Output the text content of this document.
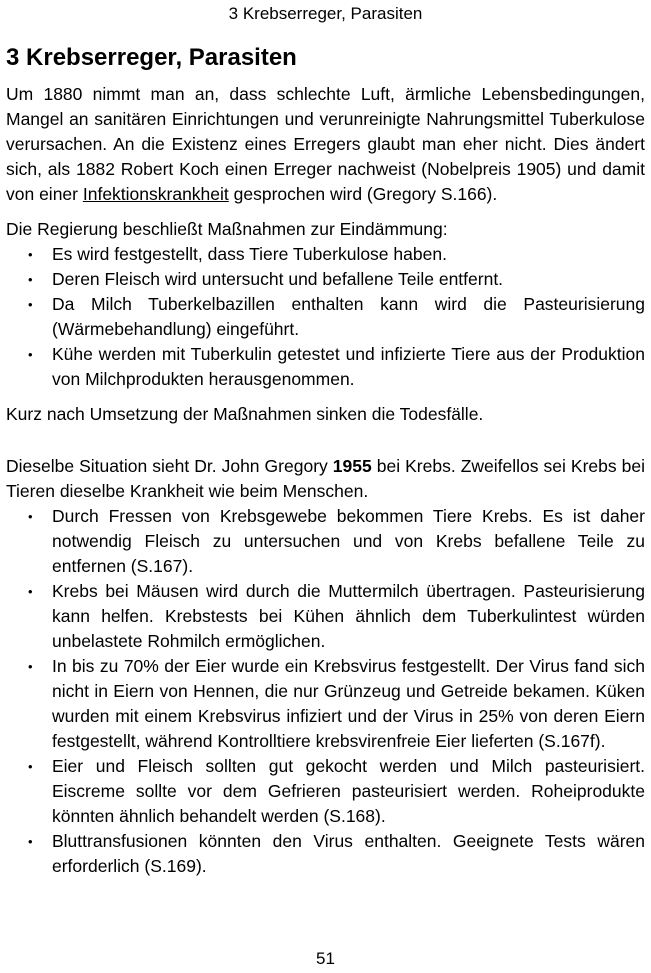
3 Krebserreger, Parasiten
3 Krebserreger, Parasiten

Um 1880 nimmt man an, dass schlechte Luft, ärmliche Lebensbedingungen, Mangel an sanitären Einrichtungen und verunreinigte Nahrungsmittel Tuberkulose verursachen. An die Existenz eines Erregers glaubt man eher nicht. Dies ändert sich, als 1882 Robert Koch einen Erreger nachweist (Nobelpreis 1905) und damit von einer Infektionskrankheit gesprochen wird (Gregory S.166).

Die Regierung beschließt Maßnahmen zur Eindämmung:

•	Es wird festgestellt, dass Tiere Tuberkulose haben.
•	Deren Fleisch wird untersucht und befallene Teile entfernt.
•	Da Milch Tuberkelbazillen enthalten kann wird die Pasteurisierung (Wärmebehandlung) eingeführt.
•	Kühe werden mit Tuberkulin getestet und infizierte Tiere aus der Produktion von Milchprodukten herausgenommen.

Kurz nach Umsetzung der Maßnahmen sinken die Todesfälle.

Dieselbe Situation sieht Dr. John Gregory 1955 bei Krebs. Zweifellos sei Krebs bei Tieren dieselbe Krankheit wie beim Menschen.

•	Durch Fressen von Krebsgewebe bekommen Tiere Krebs. Es ist daher notwendig Fleisch zu untersuchen und von Krebs befallene Teile zu entfernen (S.167).
•	Krebs bei Mäusen wird durch die Muttermilch übertragen. Pasteurisierung kann helfen. Krebstests bei Kühen ähnlich dem Tuberkulintest würden unbelastete Rohmilch ermöglichen.
•	In bis zu 70% der Eier wurde ein Krebsvirus festgestellt. Der Virus fand sich nicht in Eiern von Hennen, die nur Grünzeug und Getreide bekamen. Küken wurden mit einem Krebsvirus infiziert und der Virus in 25% von deren Eiern festgestellt, während Kontrolltiere krebsvirenfreie Eier lieferten (S.167f).
•	Eier und Fleisch sollten gut gekocht werden und Milch pasteurisiert. Eiscreme sollte vor dem Gefrieren pasteurisiert werden. Roheiprodukte könnten ähnlich behandelt werden (S.168).
•	Bluttransfusionen könnten den Virus enthalten. Geeignete Tests wären erforderlich (S.169).
51
